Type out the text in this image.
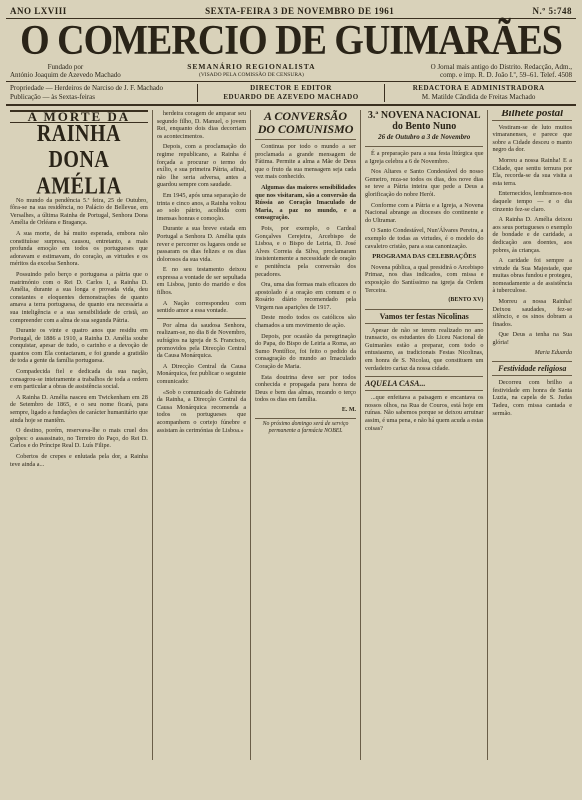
ANO LXVIII	SEXTA-FEIRA 3 DE NOVEMBRO DE 1961	N.º 5:748
O COMERCIO DE GUIMARÃES
Fundado por
António Joaquim de Azevedo Machado
SEMANÁRIO REGIONALISTA
(VISADO PELA COMISSÃO DE CENSURA)
O Jornal mais antigo do Distrito. Redacção, Adm.,
comp. e imp. R. D. João I.º, 59–61. Telef. 4508
Propriedade — Herdeiros de Narciso de J. F. Machado
Publicação — às Sextas-feiras
DIRECTOR E EDITOR
EDUARDO DE AZEVEDO MACHADO
REDACTORA E ADMINISTRADORA
M. Matilde Cândida de Freitas Machado
A MORTE DA
RAINHA DONA AMÉLIA

No mundo da pendência 5.ª feira, 25 de Outubro, fôra-se na sua residência, no Palácio de Bellevue, em Versalhes, a última Rainha de Portugal, Senhora Dona Amélia de Orléans e Bragança.

A sua morte, de há muito esperada, embora não constituísse surpresa, causou, entretanto, a mais profunda emoção em todos os portugueses que adoravam e estimavam, do coração, as virtudes e os méritos da excelsa Senhora.

Possuindo pelo berço e portuguesa a pátria que o matrimónio com o Rei D. Carlos I, a Rainha D. Amélia, durante a sua longa e provada vida, deu constantes e eloquentes demonstrações de quanto amava a terra portuguesa, de quanto era necessária a sua inteligência e a sua sensibilidade de cristã, ao compreender com a alma de sua segunda Pátria.

Durante os vinte e quatro anos que residiu em Portugal, de 1886 a 1910, a Rainha D. Amélia soube conquistar, apesar de tudo, o carinho e a devoção de quantos com Ela contactaram, e foi grande a gratidão de toda a gente da família portuguesa.

Compadecida fiel e dedicada da sua nação, consagrou-se inteiramente a trabalhos de toda a ordem e em particular a obras de assistência social.

A Rainha D. Amélia nasceu em Twickenham em 28 de Setembro de 1865, e o seu nome ficará, para sempre, ligado a fundações de carácter humanitário que ainda hoje se mantêm.

O destino, porém, reservava-lhe o mais cruel dos golpes: o assassinato, no Terreiro do Paço, do Rei D. Carlos e do Príncipe Real D. Luís Filipe.

Cobertos de crepes e enlutada pela dor, a Rainha teve ainda a...

herdeira coragem de amparar seu segundo filho, D. Manuel, o jovem Rei, enquanto dois dias decorriam os acontecimentos.

Depois, com a proclamação do regime republicano, a Rainha é forçada a procurar o termo do exílio, e sua primeira Pátria, afinal, não lhe seria adversa, antes a guardou sempre com saudade.

Em 1945, após uma separação de trinta e cinco anos, a Rainha voltou ao solo pátrio, acolhida com imensas honras e comoção.

Durante a sua breve estada em Portugal a Senhora D. Amélia quis rever e percorrer os lugares onde se passaram os dias felizes e os dias dolorosos da sua vida.

E no seu testamento deixou expressa a vontade de ser sepultada em Lisboa, junto do marido e dos filhos.

A Nação correspondeu com sentido amor a essa vontade.

Por alma da saudosa Senhora, realizam-se, no dia 8 de Novembro, sufrágios na igreja de S. Francisco, promovidos pela Direcção Central da Causa Monárquica.

A Direcção Central da Causa Monárquica, fez publicar o seguinte comunicado:

«Sob o comunicado do Gabinete da Rainha, a Direcção Central da Causa Monárquica recomenda a todos os portugueses que acompanhem o cortejo fúnebre e assistam às cerimónias de Lisboa.»

A CONVERSÃO
DO COMUNISMO

Continua por todo o mundo a ser proclamada a grande mensagem de Fátima. Permite a alma a Mãe de Deus que o fruto da sua mensagem seja cada vez mais conhecido.

Algumas das maiores sensibilidades que nos visitaram, são a conversão da Rússia ao Coração Imaculado de Maria, a paz no mundo, e a consagração.

Pois, por exemplo, o Cardeal Gonçalves Cerejeira, Arcebispo de Lisboa, e o Bispo de Leiria, D. José Alves Correia da Silva, proclamaram insistentemente a necessidade de oração e penitência pela conversão dos pecadores.

Ora, uma das formas mais eficazes do apostolado é a oração em comum e o Rosário diário recomendado pela Virgem nas aparições de 1917.

Deste modo todos os católicos são chamados a um movimento de ação.

Depois, por ocasião da peregrinação do Papa, do Bispo de Leiria a Roma, ao Sumo Pontífice, foi feito o pedido da consagração do mundo ao Imaculado Coração de Maria.

Esta doutrina deve ser por todos conhecida e propagada para honra de Deus e bem das almas, rezando o terço todos os dias em família.

E. M.
No próximo domingo será de serviço permanente a farmácia NOBEL
3.ª NOVENA NACIONAL do Bento Nuno
26 de Outubro a 3 de Novembro

É a preparação para a sua festa litúrgica que a Igreja celebra a 6 de Novembro.

Nos Altares e Santo Condestável do nosso Gemeiro, reza-se todos os dias, dos nove dias se teve a Pátria inteira que pede a Deus a glorificação do nobre Herói.

Conforme com a Pátria e a Igreja, a Novena Nacional abrange as dioceses do continente e do Ultramar.

O Santo Condestável, Nun'Álvares Pereira, a exemplo de todas as virtudes, é o modelo do cavaleiro cristão, para a sua canonização.

PROGRAMA DAS CELEBRAÇÕES

Novena pública, a qual presidirá o Arcebispo Primaz, nos dias indicados, com missa e exposição do Santíssimo na igreja da Ordem Terceira.

(BENTO XV)
Vamos ter festas Nicolinas

Apesar de não se terem realizado no ano transacto, os estudantes do Liceu Nacional de Guimarães estão a preparar, com todo o entusiasmo, as tradicionais Festas Nicolinas, em honra de S. Nicolau, que constituem um verdadeiro cartaz da nossa cidade.

AQUELA CASA...

...que enfeitava a paisagem e encantava os nossos olhos, na Rua de Couros, está hoje em ruínas. Não sabemos porque se deixou arruinar assim, é uma pena, e não há quem acuda a estas coisas?

Bilhete postal

Vestiram-se de luto muitos vimaranenses, e parece que sobre a Cidade desceu o manto negro da dor.

Morreu a nossa Rainha! E a Cidade, que sentiu ternura por Ela, recorda-se da sua visita a esta terra.

Enternecidos, lembramos-nos daquele tempo — e o dia cinzento fez-se claro.

A Rainha D. Amélia deixou aos seus portugueses o exemplo de bondade e de caridade, a dedicação aos doentes, aos pobres, às crianças.

A caridade foi sempre a virtude da Sua Majestade, que muitas obras fundou e protegeu, nomeadamente a de assistência à tuberculose.

Morreu a nossa Rainha! Deixou saudades, fez-se silêncio, e os sinos dobram a finados.

Que Deus a tenha na Sua glória!

Maria Eduarda
Festividade religiosa

Decorreu com brilho a festividade em honra de Santa Luzia, na capela de S. Judas Tadeu, com missa cantada e sermão.
